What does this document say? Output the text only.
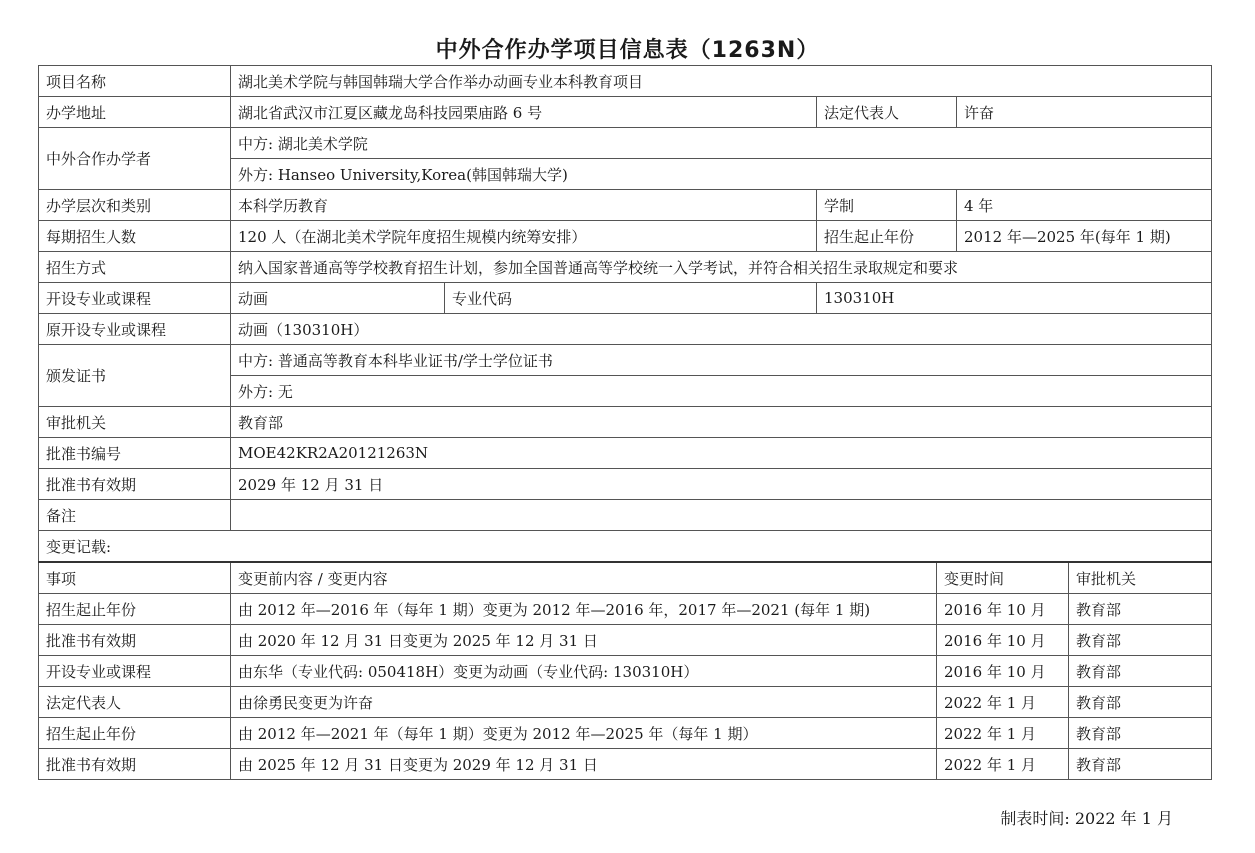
中外合作办学项目信息表（1263N）
项目名称	湖北美术学院与韩国韩瑞大学合作举办动画专业本科教育项目					
办学地址	湖北省武汉市江夏区藏龙岛科技园栗庙路 6 号		法定代表人		许奋	
中外合作办学者	中方: 湖北美术学院					
	外方: Hanseo University,Korea(韩国韩瑞大学)					
办学层次和类别	本科学历教育		学制		4 年	
每期招生人数	120 人（在湖北美术学院年度招生规模内统筹安排）		招生起止年份		2012 年—2025 年(每年 1 期)	
招生方式	纳入国家普通高等学校教育招生计划，参加全国普通高等学校统一入学考试，并符合相关招生录取规定和要求					
开设专业或课程	动画	专业代码	130310H			
原开设专业或课程	动画（130310H）					
颁发证书	中方: 普通高等教育本科毕业证书/学士学位证书					
	外方: 无					
审批机关	教育部					
批准书编号	MOE42KR2A20121263N					
批准书有效期	2029 年 12 月 31 日					
备注						
变更记载:						
事项	变更前内容 / 变更内容			变更时间		审批机关
招生起止年份	由 2012 年—2016 年（每年 1 期）变更为 2012 年—2016 年，2017 年—2021 (每年 1 期)			2016 年 10 月		教育部
批准书有效期	由 2020 年 12 月 31 日变更为 2025 年 12 月 31 日			2016 年 10 月		教育部
开设专业或课程	由东华（专业代码: 050418H）变更为动画（专业代码: 130310H）			2016 年 10 月		教育部
法定代表人	由徐勇民变更为许奋			2022 年 1 月		教育部
招生起止年份	由 2012 年—2021 年（每年 1 期）变更为 2012 年—2025 年（每年 1 期）			2022 年 1 月		教育部
批准书有效期	由 2025 年 12 月 31 日变更为 2029 年 12 月 31 日			2022 年 1 月		教育部
制表时间: 2022 年 1 月
